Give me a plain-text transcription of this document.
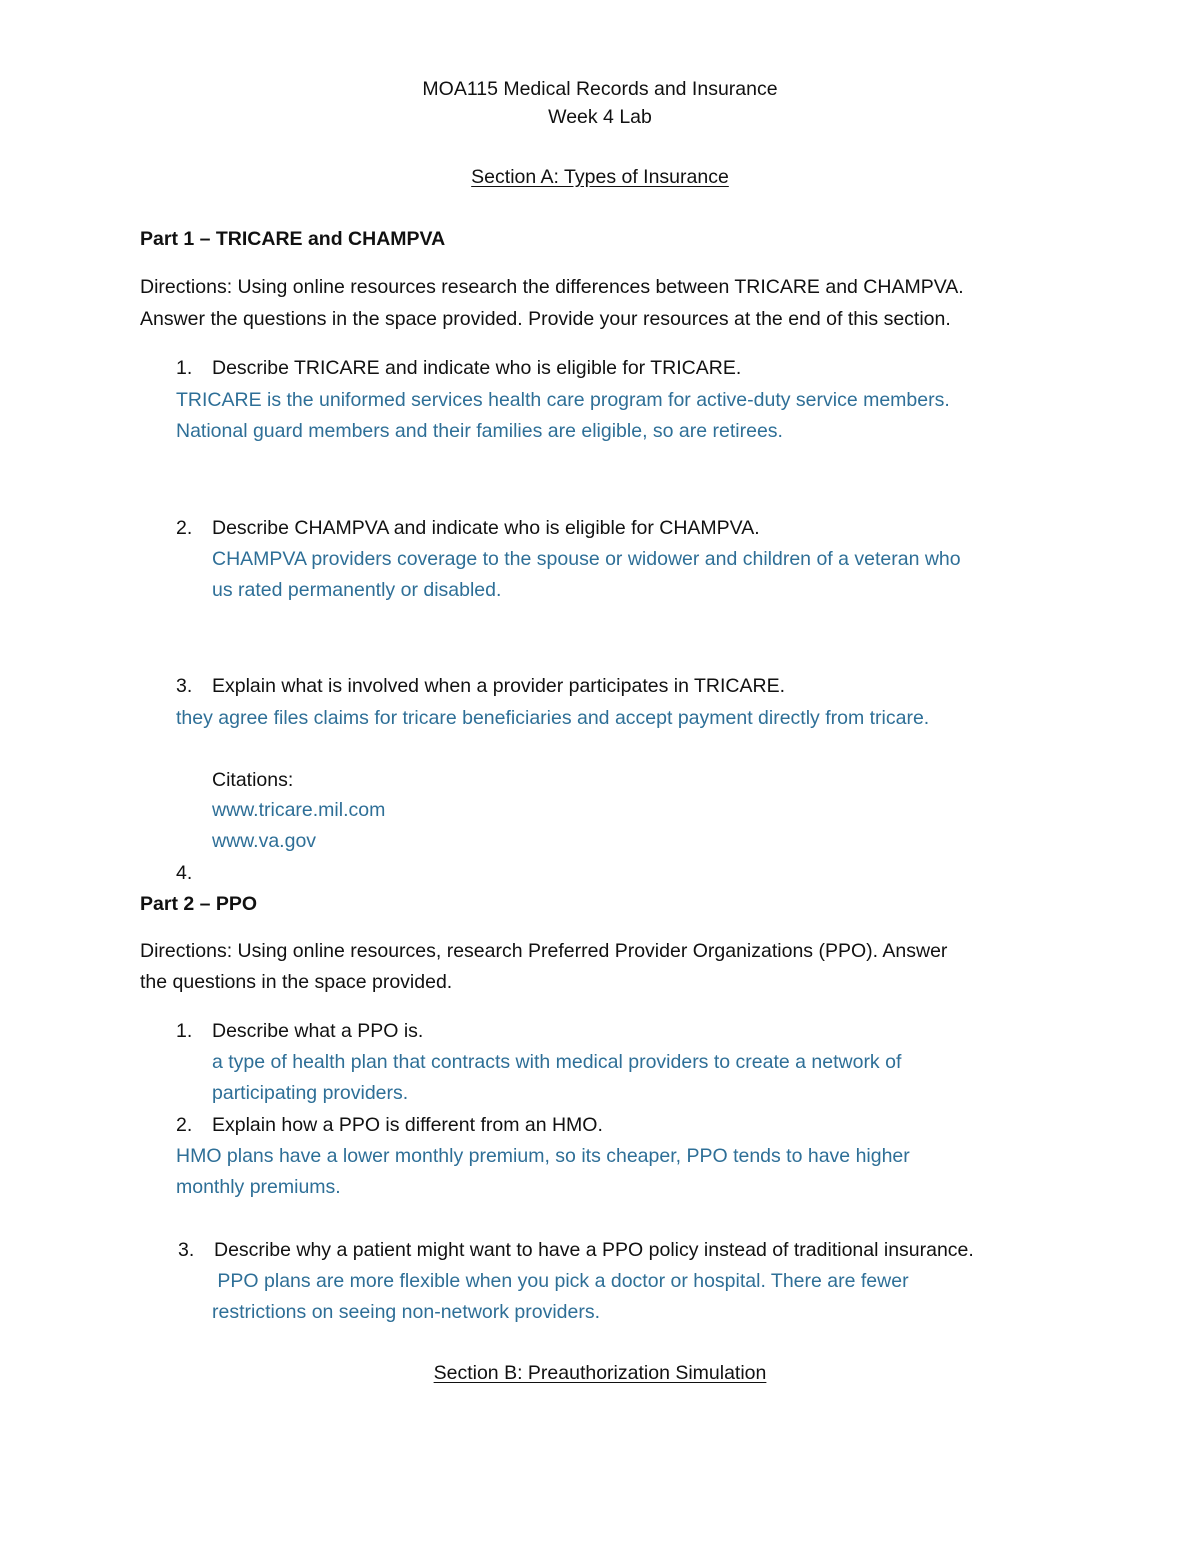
MOA115 Medical Records and Insurance
Week 4 Lab
Section A: Types of Insurance
Part 1 – TRICARE and CHAMPVA
Directions: Using online resources research the differences between TRICARE and CHAMPVA.
Answer the questions in the space provided. Provide your resources at the end of this section.
1. Describe TRICARE and indicate who is eligible for TRICARE.
TRICARE is the uniformed services health care program for active-duty service members.
National guard members and their families are eligible, so are retirees.
2. Describe CHAMPVA and indicate who is eligible for CHAMPVA.
CHAMPVA providers coverage to the spouse or widower and children of a veteran who
us rated permanently or disabled.
3. Explain what is involved when a provider participates in TRICARE.
they agree files claims for tricare beneficiaries and accept payment directly from tricare.
Citations:
www.tricare.mil.com
www.va.gov
4.
Part 2 – PPO
Directions: Using online resources, research Preferred Provider Organizations (PPO). Answer
the questions in the space provided.
1. Describe what a PPO is.
a type of health plan that contracts with medical providers to create a network of
participating providers.
2. Explain how a PPO is different from an HMO.
HMO plans have a lower monthly premium, so its cheaper, PPO tends to have higher
monthly premiums.
3. Describe why a patient might want to have a PPO policy instead of traditional insurance.
PPO plans are more flexible when you pick a doctor or hospital. There are fewer
restrictions on seeing non-network providers.
Section B: Preauthorization Simulation
